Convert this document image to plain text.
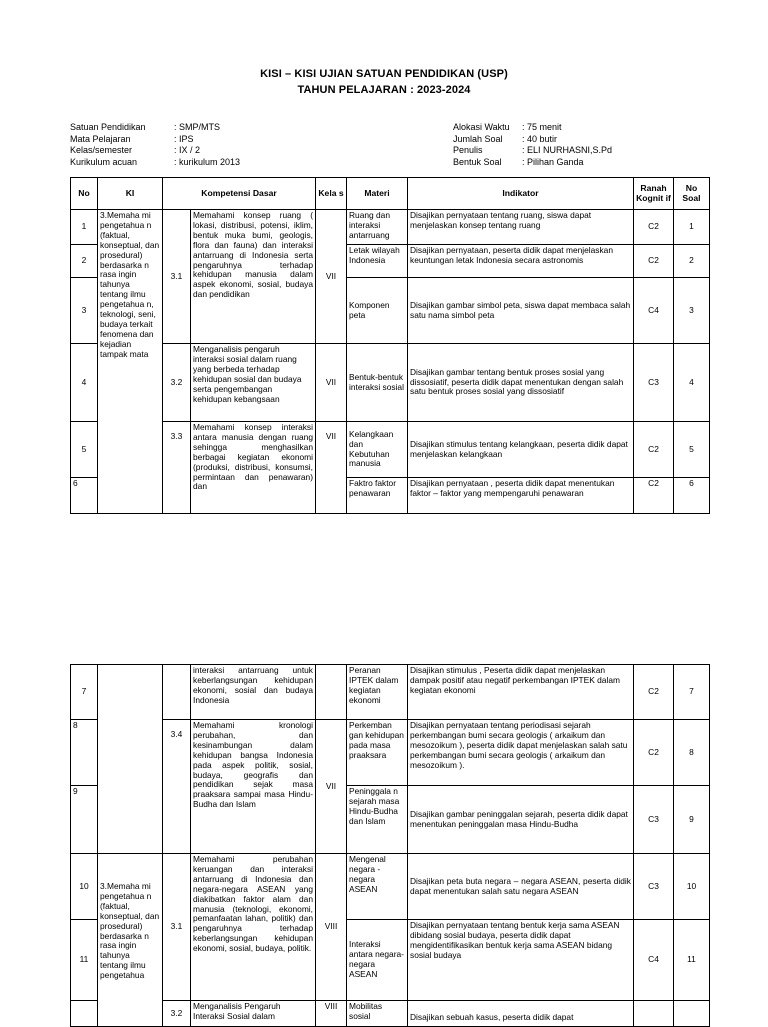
KISI – KISI UJIAN SATUAN PENDIDIKAN (USP)
TAHUN PELAJARAN : 2023-2024
Satuan Pendidikan	: SMP/MTS
Mata Pelajaran	: IPS
Kelas/semester	: IX / 2
Kurikulum acuan	: kurikulum 2013
Alokasi Waktu : 75 menit
Jumlah Soal : 40 butir
Penulis	: ELI NURHASNI,S.Pd
Bentuk Soal : Pilihan Ganda
No	KI	Kompetensi Dasar		Kela s	Materi	Indikator	Ranah Kognit if	No Soal
1	3.Memaha mi pengetahua n (faktual, konseptual, dan prosedural) berdasarka n rasa ingin tahunya tentang ilmu pengetahua n, teknologi, seni, budaya terkait fenomena dan kejadian tampak mata	3.1	Memahami konsep ruang ( lokasi, distribusi, potensi, iklim, bentuk muka bumi, geologis, flora dan fauna) dan interaksi antarruang di Indonesia serta pengaruhnya terhadap kehidupan manusia dalam aspek ekonomi, sosial, budaya dan pendidikan	VII	Ruang dan interaksi antarruang	Disajikan pernyataan tentang ruang, siswa dapat menjelaskan konsep tentang ruang	C2	1
2					Letak wilayah Indonesia	Disajikan pernyataan, peserta didik dapat menjelaskan keuntungan letak Indonesia secara astronomis	C2	2
3					Komponen peta	Disajikan gambar simbol peta, siswa dapat membaca salah satu nama simbol peta	C4	3
4		3.2	Menganalisis pengaruh interaksi sosial dalam ruang yang berbeda terhadap kehidupan sosial dan budaya serta pengembangan kehidupan kebangsaan	VII	Bentuk-bentuk interaksi sosial	Disajikan gambar tentang bentuk proses sosial yang dissosiatif, peserta didik dapat menentukan dengan salah satu bentuk proses sosial yang dissosiatif	C3	4
5		3.3	Memahami konsep interaksi antara manusia dengan ruang sehingga menghasilkan berbagai kegiatan ekonomi (produksi, distribusi, konsumsi, permintaan dan penawaran) dan	VII	Kelangkaan dan Kebutuhan manusia	Disajikan stimulus tentang kelangkaan, peserta didik dapat menjelaskan kelangkaan	C2	5
6					Faktro faktor penawaran	Disajikan pernyataan , peserta didik dapat menentukan faktor – faktor yang mempengaruhi penawaran	C2	6
7			interaksi antarruang untuk keberlangsungan kehidupan ekonomi, sosial dan budaya Indonesia		Peranan IPTEK dalam kegiatan ekonomi	Disajikan stimulus , Peserta didik dapat menjelaskan dampak positif atau negatif perkembangan IPTEK dalam kegiatan ekonomi	C2	7
8		3.4	Memahami kronologi perubahan, dan kesinambungan dalam kehidupan bangsa Indonesia pada aspek politik, sosial, budaya, geografis dan pendidikan sejak masa praaksara sampai masa Hindu-Budha dan Islam	VII	Perkemban gan kehidupan pada masa praaksara	Disajikan pernyataan tentang periodisasi sejarah perkembangan bumi secara geologis ( arkaikum dan mesozoikum ), peserta didik dapat menjelaskan salah satu perkembangan bumi secara geologis ( arkaikum dan mesozoikum ).	C2	8
9					Peninggala n sejarah masa Hindu-Budha dan Islam	Disajikan gambar peninggalan sejarah, peserta didik dapat menentukan peninggalan masa Hindu-Budha	C3	9
10	3.Memaha mi pengetahua n (faktual, konseptual, dan prosedural) berdasarka n rasa ingin tahunya tentang ilmu pengetahua	3.1	Memahami perubahan keruangan dan interaksi antarruang di Indonesia dan negara-negara ASEAN yang diakibatkan faktor alam dan manusia (teknologi, ekonomi, pemanfaatan lahan, politik) dan pengaruhnya terhadap keberlangsungan kehidupan ekonomi, sosial, budaya, politik.	VIII	Mengenal negara - negara ASEAN	Disajikan peta buta negara – negara ASEAN, peserta didik dapat menentukan salah satu negara ASEAN	C3	10
11					Interaksi antara negara-negara ASEAN	Disajikan pernyataan tentang bentuk kerja sama ASEAN dibidang sosial budaya, peserta didik dapat mengidentifikasikan bentuk kerja sama ASEAN bidang sosial budaya	C4	11
		3.2	Menganalisis Pengaruh Interaksi Sosial dalam	VIII	Mobilitas sosial	Disajikan sebuah kasus, peserta didik dapat		
